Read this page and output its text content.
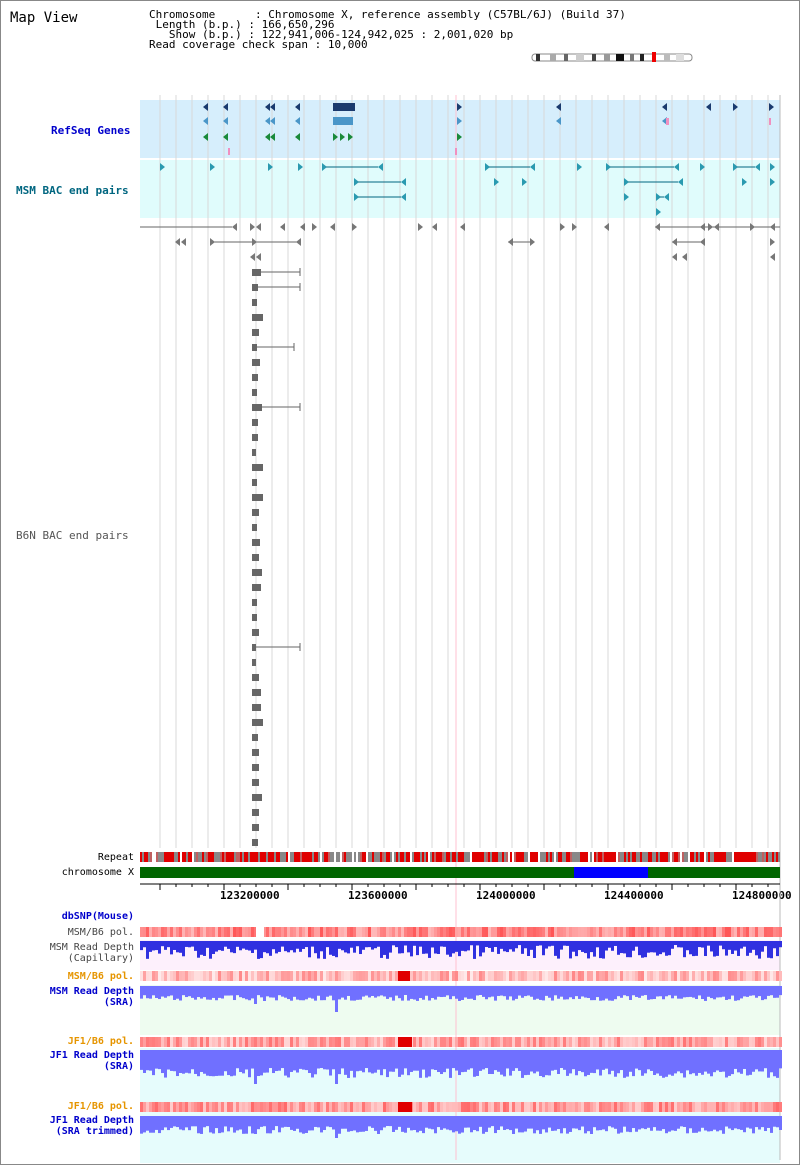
Map View	Chromosome      : Chromosome X, reference assembly (C57BL/6J) (Build 37)
Length (b.p.) : 166,650,296
Show (b.p.) : 122,941,006-124,942,025 : 2,001,020 bp
Read coverage check span : 10,000
RefSeq Genes
MSM BAC end pairs
B6N BAC end pairs
Repeat
chromosome X
dbSNP(Mouse)
MSM/B6 pol.
MSM Read Depth
(Capillary)
MSM/B6 pol.
MSM Read Depth
(SRA)
JF1/B6 pol.
JF1 Read Depth
(SRA)
JF1/B6 pol.
JF1 Read Depth
(SRA trimmed)
123200000	123600000	124000000	124400000	124800000
